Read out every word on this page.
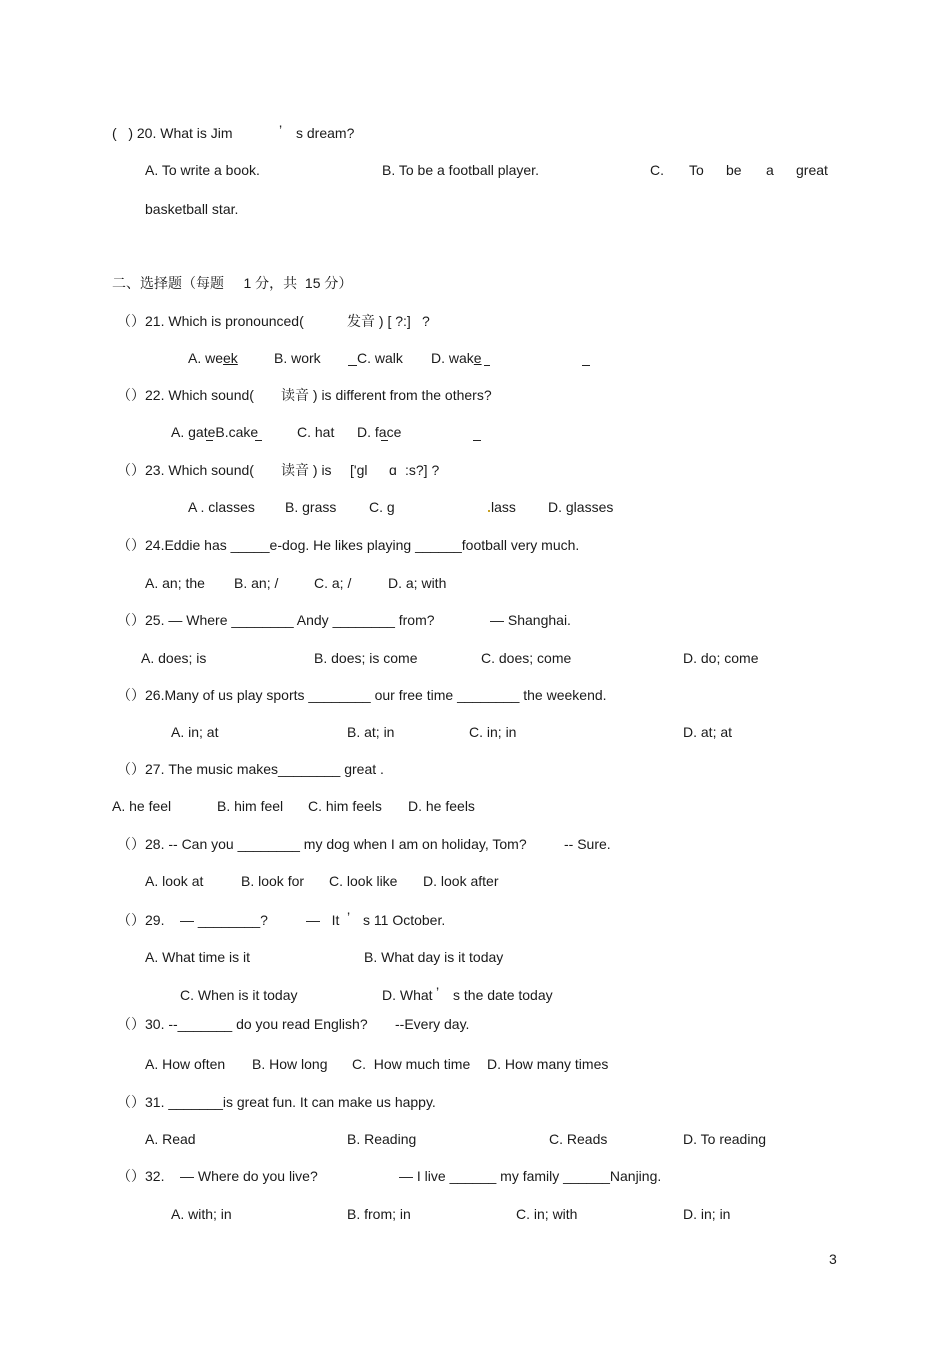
(   ) 20. What is Jim	’ s dream?
A. To write a book.	B. To be a football player.	C. To be a great
basketball star.
二、选择题（每题     1 分，共  15 分）
（）21. Which is pronounced(	发音 ) [ ?:] ?
A. week	B. work	C. walk D. wake
（）22. Which sound( 读音 ) is different from the others?
A. gateB.cake	C. hat D. face
（）23. Which sound( 读音 ) is ['gl ɑ :s?] ?
A . classes B. grass C. g	lass D. glasses
（）24.Eddie has _____e-dog. He likes playing ______football very much.
A. an; the B. an; /	C. a; /	D. a; with
（）25. — Where ________ Andy ________ from?	— Shanghai.
A. does; is	B. does; is come	C. does; come	D. do; come
（）26.Many of us play sports ________ our free time ________ the weekend.
A. in; at	B. at; in	C. in; in	D. at; at
（）27. The music makes________ great .
A. he feel	B. him feel C. him feels D. he feels
（）28. -- Can you ________ my dog when I am on holiday, Tom?	-- Sure.
A. look at	B. look for C. look like D. look after
（）29. — ________?	—   It ’ s 11 October.
A. What time is it	B. What day is it today
C. When is it today	D. What ’ s the date today
（）30. --_______ do you read English? --Every day.
A. How often B. How long C.  How much time D. How many times
（）31. _______is great fun. It can make us happy.
A. Read	B. Reading	C. Reads	D. To reading
（）32. — Where do you live?	— I live ______ my family ______Nanjing.
A. with; in	B. from; in	C. in; with	D. in; in
3
